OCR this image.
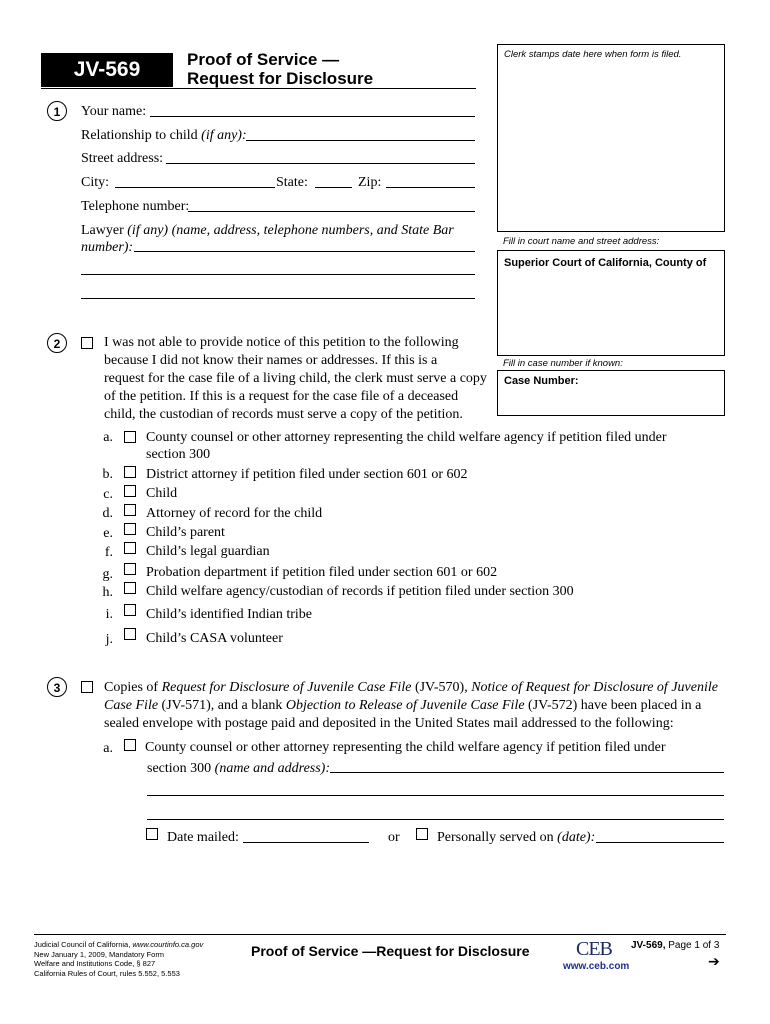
JV-569	Proof of Service —
Request for Disclosure
Clerk stamps date here when form is filed.
Fill in court name and street address:
Superior Court of California, County of
Fill in case number if known:
Case Number:
1	Your name:
Relationship to child (if any):
Street address:
City:	State:	Zip:
Telephone number:
Lawyer (if any) (name, address, telephone numbers, and State Bar
number):
2	I was not able to provide notice of this petition to the following
because I did not know their names or addresses. If this is a
request for the case file of a living child, the clerk must serve a copy
of the petition. If this is a request for the case file of a deceased
child, the custodian of records must serve a copy of the petition.
a. County counsel or other attorney representing the child welfare agency if petition filed under
section 300
b. District attorney if petition filed under section 601 or 602
c. Child
d. Attorney of record for the child
e. Child’s parent
f. Child’s legal guardian
g. Probation department if petition filed under section 601 or 602
h. Child welfare agency/custodian of records if petition filed under section 300
i. Child’s identified Indian tribe
j. Child’s CASA volunteer
3	Copies of Request for Disclosure of Juvenile Case File (JV-570), Notice of Request for Disclosure of Juvenile
Case File (JV-571), and a blank Objection to Release of Juvenile Case File (JV-572) have been placed in a
sealed envelope with postage paid and deposited in the United States mail addressed to the following:
a. County counsel or other attorney representing the child welfare agency if petition filed under
section 300 (name and address):
Date mailed:	or	Personally served on (date):
Judicial Council of California, www.courtinfo.ca.gov
New January 1, 2009, Mandatory Form
Welfare and Institutions Code, § 827
California Rules of Court, rules 5.552, 5.553
Proof of Service —Request for Disclosure CEB
www.ceb.com
JV-569, Page 1 of 3
➔
